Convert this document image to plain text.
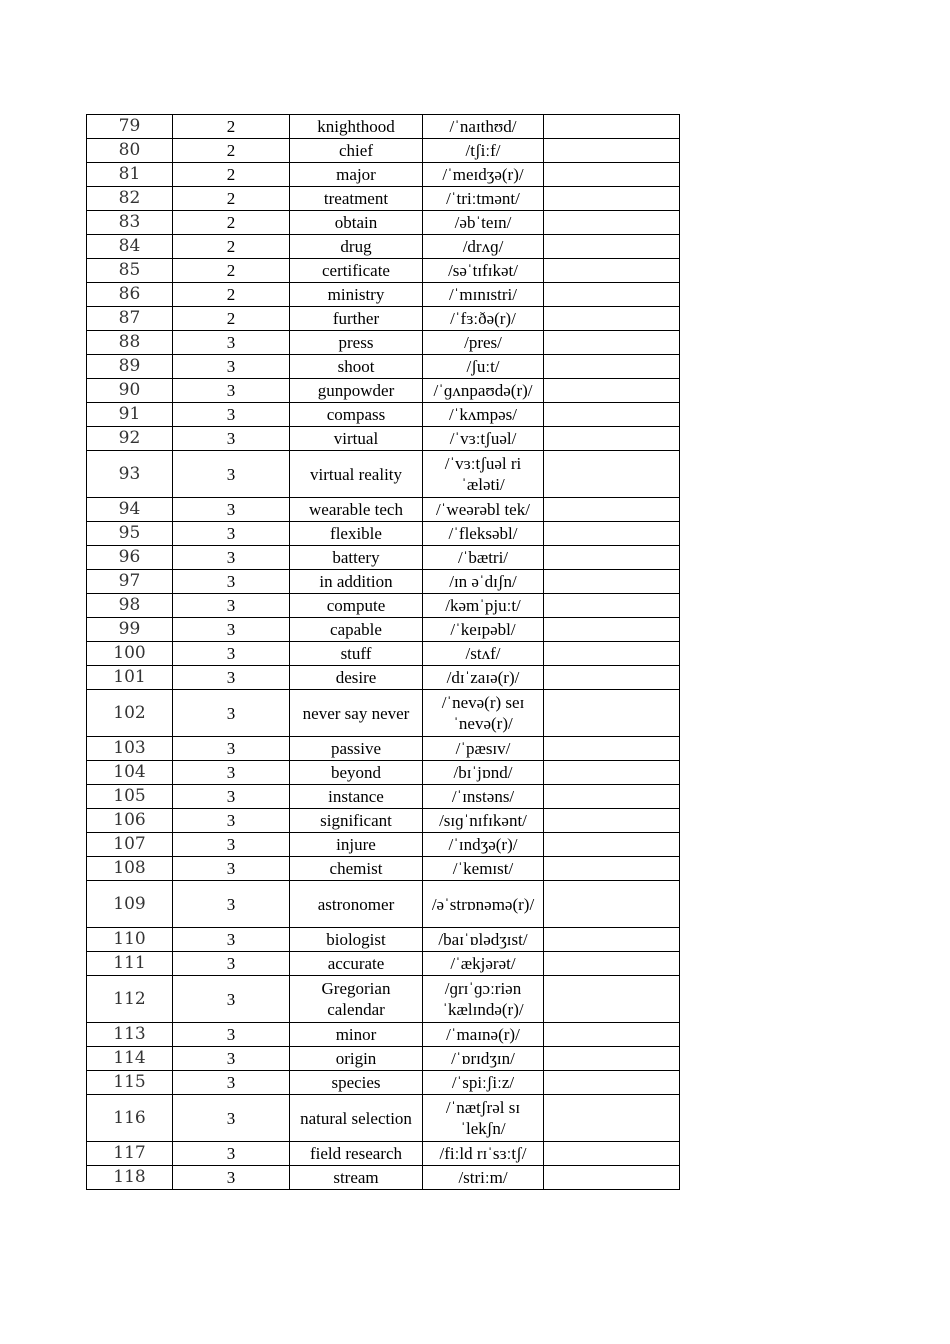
79	2	knighthood	/ˈnaɪthʊd/	
80	2	chief	/tʃiːf/	
81	2	major	/ˈmeɪdʒə(r)/	
82	2	treatment	/ˈtriːtmənt/	
83	2	obtain	/əbˈteɪn/	
84	2	drug	/drʌɡ/	
85	2	certificate	/səˈtɪfɪkət/	
86	2	ministry	/ˈmɪnɪstri/	
87	2	further	/ˈfɜːðə(r)/	
88	3	press	/pres/	
89	3	shoot	/ʃuːt/	
90	3	gunpowder	/ˈɡʌnpaʊdə(r)/	
91	3	compass	/ˈkʌmpəs/	
92	3	virtual	/ˈvɜːtʃuəl/	
93	3	virtual reality	/ˈvɜːtʃuəl ri ˈæləti/	
94	3	wearable tech	/ˈweərəbl tek/	
95	3	flexible	/ˈfleksəbl/	
96	3	battery	/ˈbætri/	
97	3	in addition	/ɪn əˈdɪʃn/	
98	3	compute	/kəmˈpjuːt/	
99	3	capable	/ˈkeɪpəbl/	
100	3	stuff	/stʌf/	
101	3	desire	/dɪˈzaɪə(r)/	
102	3	never say never	/ˈnevə(r) seɪ ˈnevə(r)/	
103	3	passive	/ˈpæsɪv/	
104	3	beyond	/bɪˈjɒnd/	
105	3	instance	/ˈɪnstəns/	
106	3	significant	/sɪɡˈnɪfɪkənt/	
107	3	injure	/ˈɪndʒə(r)/	
108	3	chemist	/ˈkemɪst/	
109	3	astronomer	/əˈstrɒnəmə(r)/	
110	3	biologist	/baɪˈɒlədʒɪst/	
111	3	accurate	/ˈækjərət/	
112	3	Gregorian calendar	/ɡrɪˈɡɔːriən ˈkælɪndə(r)/	
113	3	minor	/ˈmaɪnə(r)/	
114	3	origin	/ˈɒrɪdʒɪn/	
115	3	species	/ˈspiːʃiːz/	
116	3	natural selection	/ˈnætʃrəl sɪ ˈlekʃn/	
117	3	field research	/fiːld rɪˈsɜːtʃ/	
118	3	stream	/striːm/	
